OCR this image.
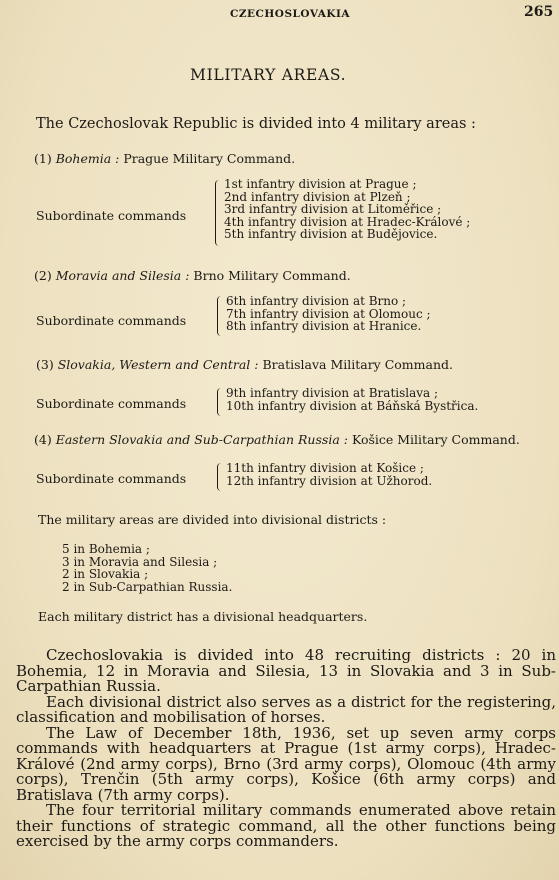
CZECHOSLOVAKIA	265
MILITARY AREAS.
The Czechoslovak Republic is divided into 4 military areas :
(1) Bohemia : Prague Military Command.
Subordinate commands
1st infantry division at Prague ;
2nd infantry division at Plzeň ;
3rd infantry division at Litoměřice ;
4th infantry division at Hradec-Králové ;
5th infantry division at Budějovice.
(2) Moravia and Silesia : Brno Military Command.
Subordinate commands
6th infantry division at Brno ;
7th infantry division at Olomouc ;
8th infantry division at Hranice.
(3) Slovakia, Western and Central : Bratislava Military Command.
Subordinate commands
9th infantry division at Bratislava ;
10th infantry division at Báňská Bystřica.
(4) Eastern Slovakia and Sub-Carpathian Russia : Košice Military Command.
Subordinate commands
11th infantry division at Košice ;
12th infantry division at Užhorod.
The military areas are divided into divisional districts :
5 in Bohemia ;
3 in Moravia and Silesia ;
2 in Slovakia ;
2 in Sub-Carpathian Russia.
Each military district has a divisional headquarters.

Czechoslovakia is divided into 48 recruiting districts : 20 in Bohemia, 12 in Moravia and Silesia, 13 in Slovakia and 3 in Sub-Carpathian Russia.

Each divisional district also serves as a district for the registering, classification and mobilisation of horses.

The Law of December 18th, 1936, set up seven army corps commands with headquarters at Prague (1st army corps), Hradec-Králové (2nd army corps), Brno (3rd army corps), Olomouc (4th army corps), Trenčin (5th army corps), Košice (6th army corps) and Bratislava (7th army corps).

The four territorial military commands enumerated above retain their functions of strategic command, all the other functions being exercised by the army corps commanders.
